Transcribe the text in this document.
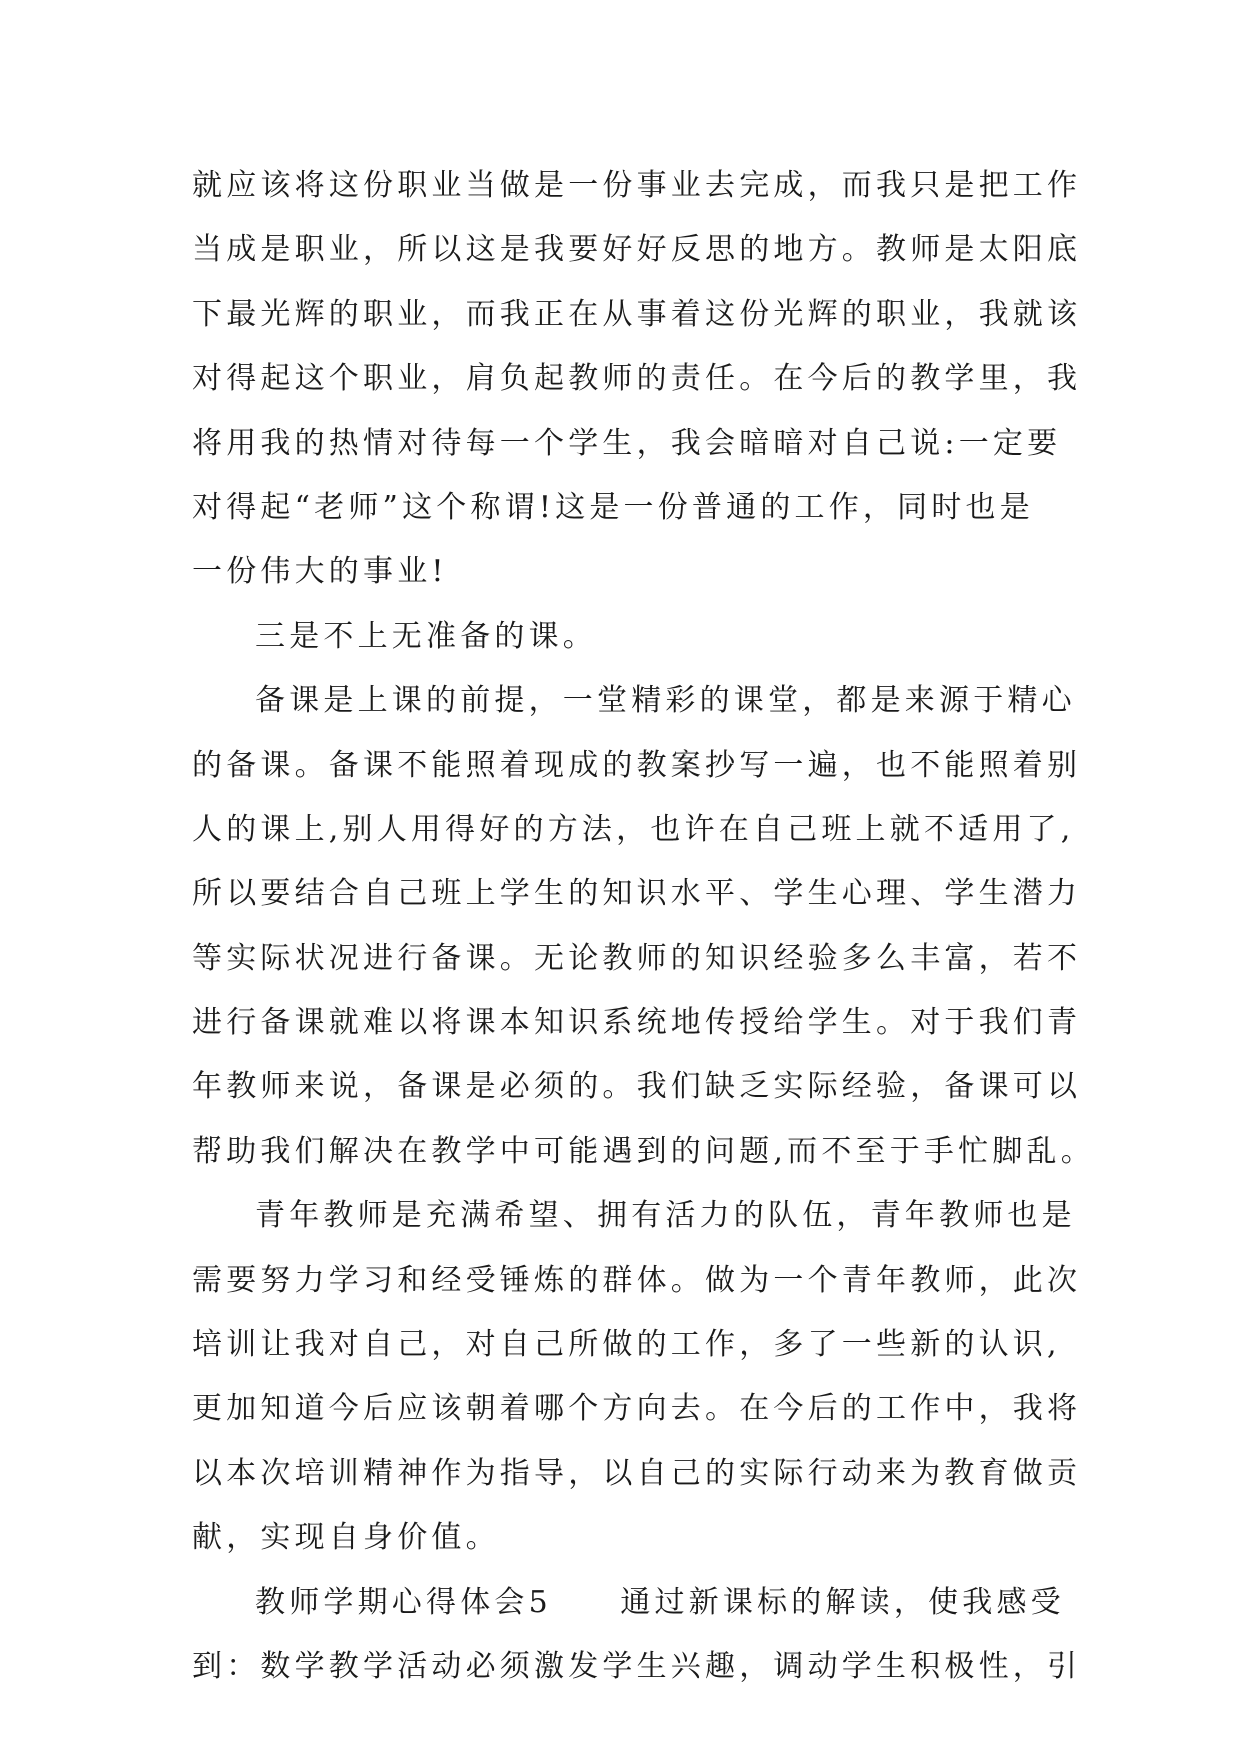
就应该将这份职业当做是一份事业去完成，而我只是把工作
当成是职业，所以这是我要好好反思的地方。教师是太阳底
下最光辉的职业，而我正在从事着这份光辉的职业，我就该
对得起这个职业，肩负起教师的责任。在今后的教学里，我
将用我的热情对待每一个学生，我会暗暗对自己说:一定要
对得起“老师”这个称谓!这是一份普通的工作，同时也是
一份伟大的事业!
三是不上无准备的课。
备课是上课的前提，一堂精彩的课堂，都是来源于精心
的备课。备课不能照着现成的教案抄写一遍，也不能照着别
人的课上,别人用得好的方法，也许在自己班上就不适用了,
所以要结合自己班上学生的知识水平、学生心理、学生潜力
等实际状况进行备课。无论教师的知识经验多么丰富，若不
进行备课就难以将课本知识系统地传授给学生。对于我们青
年教师来说，备课是必须的。我们缺乏实际经验，备课可以
帮助我们解决在教学中可能遇到的问题,而不至于手忙脚乱。
青年教师是充满希望、拥有活力的队伍，青年教师也是
需要努力学习和经受锤炼的群体。做为一个青年教师，此次
培训让我对自己，对自己所做的工作，多了一些新的认识,
更加知道今后应该朝着哪个方向去。在今后的工作中，我将
以本次培训精神作为指导，以自己的实际行动来为教育做贡
献，实现自身价值。
教师学期心得体会5　　通过新课标的解读，使我感受
到：数学教学活动必须激发学生兴趣，调动学生积极性，引
